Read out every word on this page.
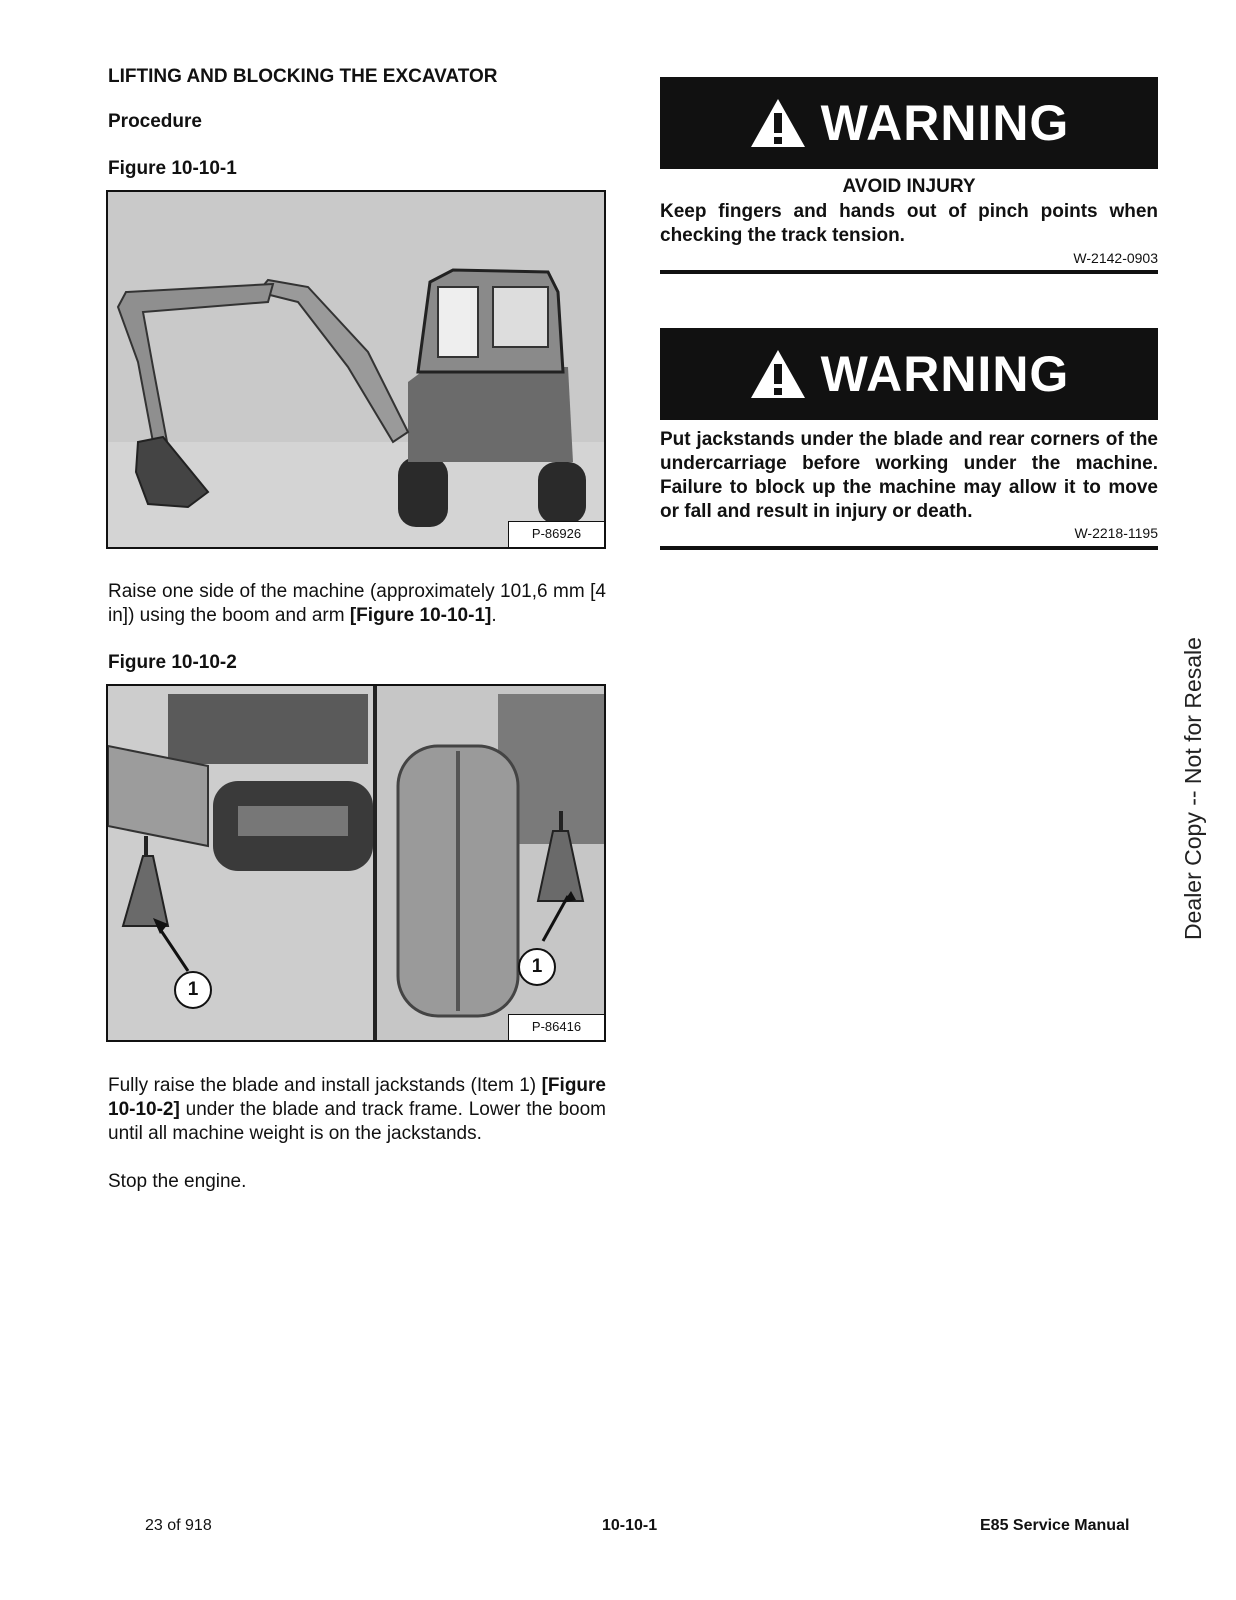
LIFTING AND BLOCKING THE EXCAVATOR
Procedure
Figure 10-10-1
P-86926
Raise one side of the machine (approximately 101,6 mm [4 in]) using the boom and arm [Figure 10-10-1].
Figure 10-10-2
1
1
P-86416
Fully raise the blade and install jackstands (Item 1) [Figure 10-10-2] under the blade and track frame. Lower the boom until all machine weight is on the jackstands.
Stop the engine.
WARNING
AVOID INJURY
Keep fingers and hands out of pinch points when checking the track tension.
W-2142-0903
WARNING
Put jackstands under the blade and rear corners of the undercarriage before working under the machine. Failure to block up the machine may allow it to move or fall and result in injury or death.
W-2218-1195
Dealer Copy -- Not for Resale
23 of 918	10-10-1	E85 Service Manual
